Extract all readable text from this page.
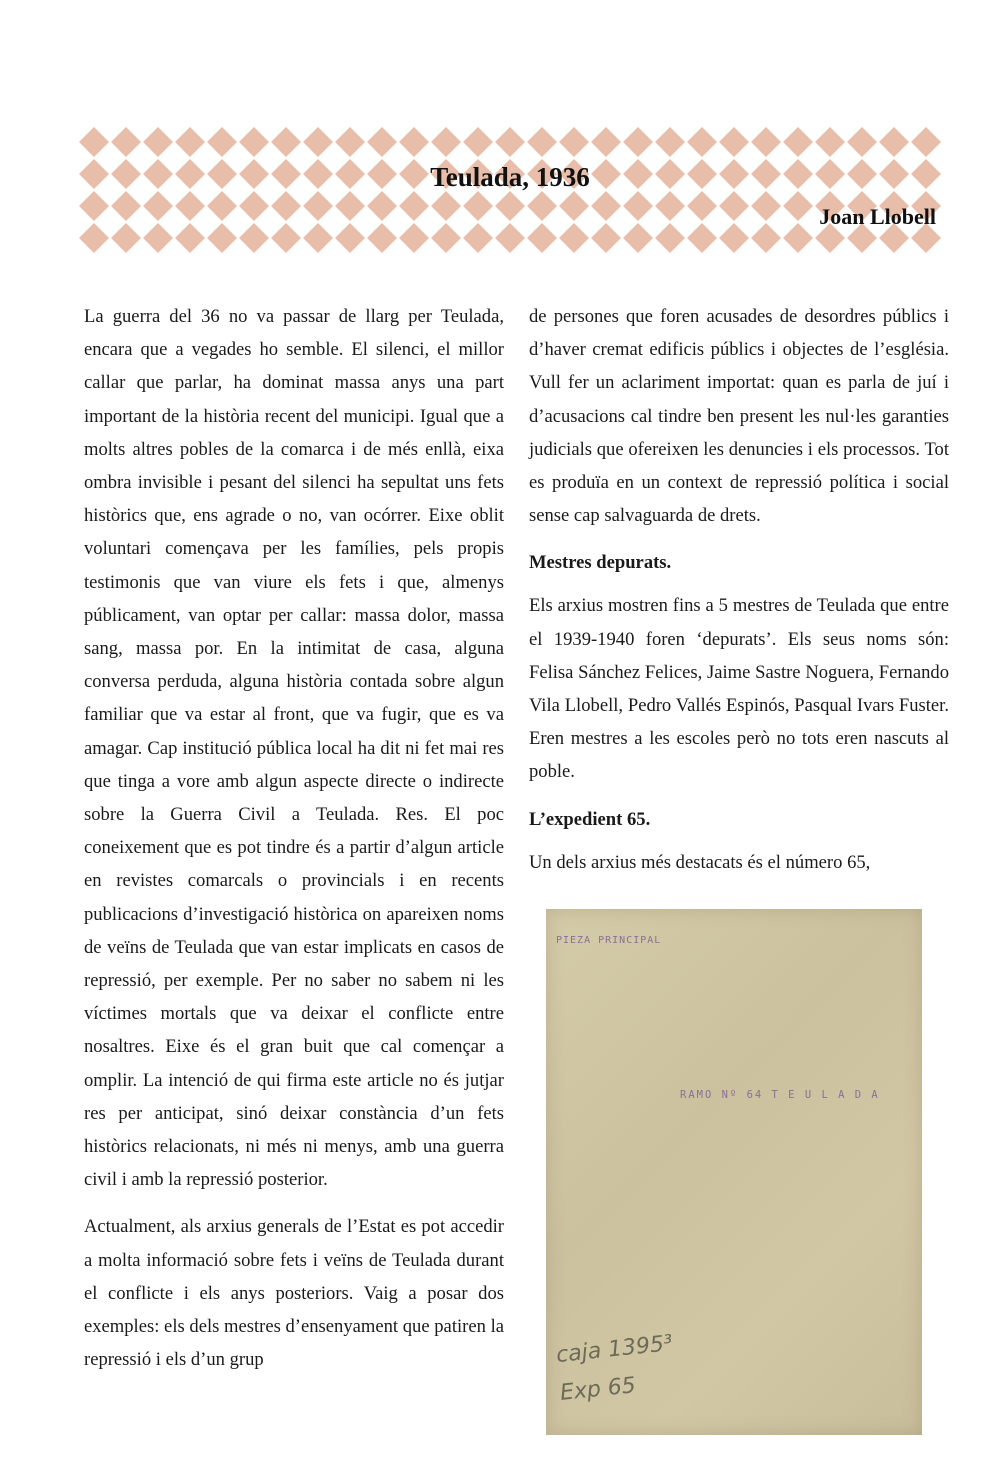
Teulada, 1936
Joan Llobell

La guerra del 36 no va passar de llarg per Teulada, encara que a vegades ho semble. El silenci, el millor callar que parlar, ha dominat massa anys una part important de la història recent del municipi. Igual que a molts altres pobles de la comarca i de més enllà, eixa ombra invisible i pesant del silenci ha sepultat uns fets històrics que, ens agrade o no, van ocórrer. Eixe oblit voluntari començava per les famílies, pels propis testimonis que van viure els fets i que, almenys públicament, van optar per callar: massa dolor, massa sang, massa por. En la intimitat de casa, alguna conversa perduda, alguna història contada sobre algun familiar que va estar al front, que va fugir, que es va amagar. Cap institució pública local ha dit ni fet mai res que tinga a vore amb algun aspecte directe o indirecte sobre la Guerra Civil a Teulada. Res. El poc coneixement que es pot tindre és a partir d’algun article en revistes comarcals o provincials i en recents publicacions d’investigació històrica on apareixen noms de veïns de Teulada que van estar implicats en casos de repressió, per exemple. Per no saber no sabem ni les víctimes mortals que va deixar el conflicte entre nosaltres. Eixe és el gran buit que cal començar a omplir. La intenció de qui firma este article no és jutjar res per anticipat, sinó deixar constància d’un fets històrics relacionats, ni més ni menys, amb una guerra civil i amb la repressió posterior.

Actualment, als arxius generals de l’Estat es pot accedir a molta informació sobre fets i veïns de Teulada durant el conflicte i els anys posteriors. Vaig a posar dos exemples: els dels mestres d’ensenyament que patiren la repressió i els d’un grup

de persones que foren acusades de desordres públics i d’haver cremat edificis públics i objectes de l’església. Vull fer un aclariment importat: quan es parla de juí i d’acusacions cal tindre ben present les nul·les garanties judicials que ofereixen les denuncies i els processos. Tot es produïa en un context de repressió política i social sense cap salvaguarda de drets.

Mestres depurats.

Els arxius mostren fins a 5 mestres de Teulada que entre el 1939-1940 foren ‘depurats’. Els seus noms són: Felisa Sánchez Felices, Jaime Sastre Noguera, Fernando Vila Llobell, Pedro Vallés Espinós, Pasqual Ivars Fuster. Eren mestres a les escoles però no tots eren nascuts al poble.

L’expedient 65.

Un dels arxius més destacats és el número 65,

PIEZA PRINCIPAL
RAMO Nº 64 T E U L A D A
caja 1395³
Exp 65
